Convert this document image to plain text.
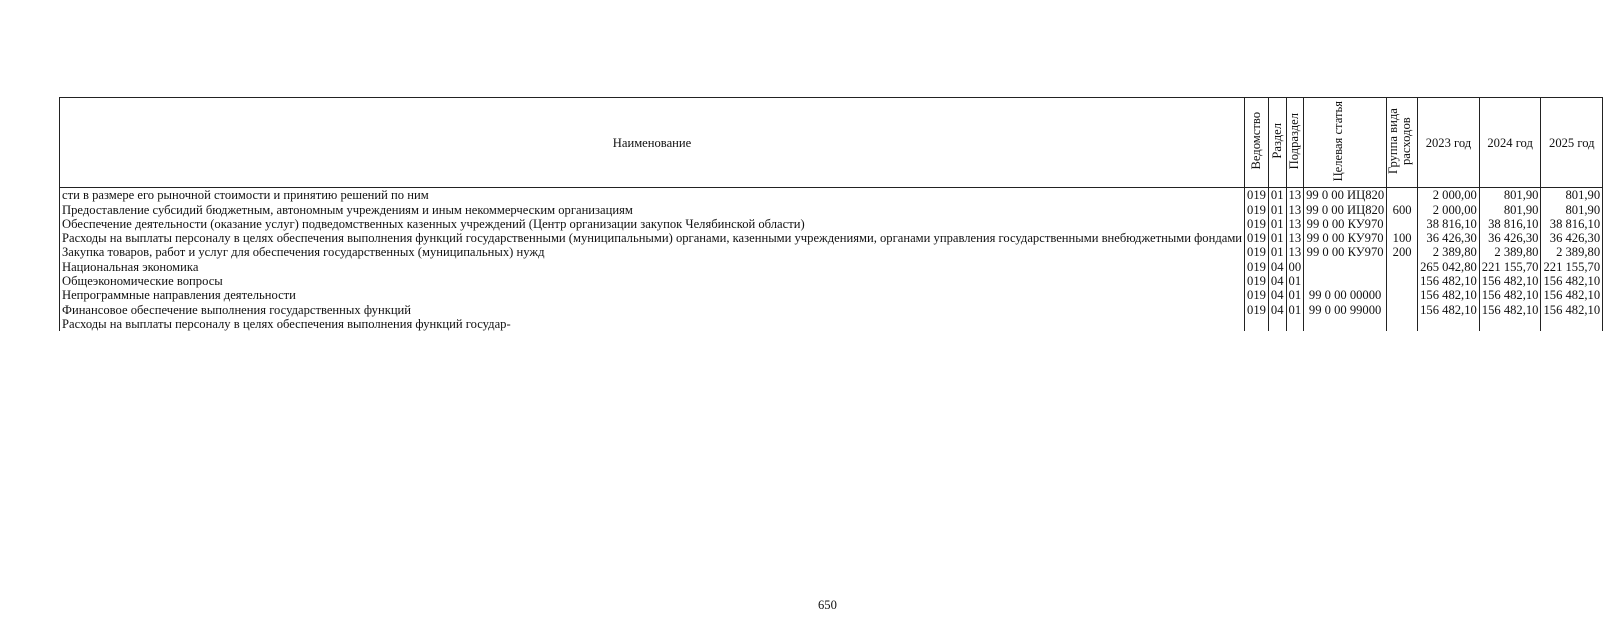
Наименование	Ведомство	Раздел	Подраздел	Целевая статья	Группа вида расходов	2023 год	2024 год	2025 год
сти в размере его рыночной стоимости и принятию решений по ним	019	01	13	99 0 00 ИЦ820		2 000,00	801,90	801,90
Предоставление субсидий бюджетным, автономным учреждениям и иным некоммерческим организациям	019	01	13	99 0 00 ИЦ820	600	2 000,00	801,90	801,90
Обеспечение деятельности (оказание услуг) подведомственных казенных учреждений (Центр организации закупок Челябинской области)	019	01	13	99 0 00 КУ970		38 816,10	38 816,10	38 816,10
Расходы на выплаты персоналу в целях обеспечения выполнения функций государственными (муниципальными) органами, казенными учреждениями, органами управления государственными внебюджетными фондами	019	01	13	99 0 00 КУ970	100	36 426,30	36 426,30	36 426,30
Закупка товаров, работ и услуг для обеспечения государственных (муниципальных) нужд	019	01	13	99 0 00 КУ970	200	2 389,80	2 389,80	2 389,80
Национальная экономика	019	04	00			265 042,80	221 155,70	221 155,70
Общеэкономические вопросы	019	04	01			156 482,10	156 482,10	156 482,10
Непрограммные направления деятельности	019	04	01	99 0 00 00000		156 482,10	156 482,10	156 482,10
Финансовое обеспечение выполнения государственных функций	019	04	01	99 0 00 99000		156 482,10	156 482,10	156 482,10
Расходы на выплаты персоналу в целях обеспечения выполнения функций государ-								
650
